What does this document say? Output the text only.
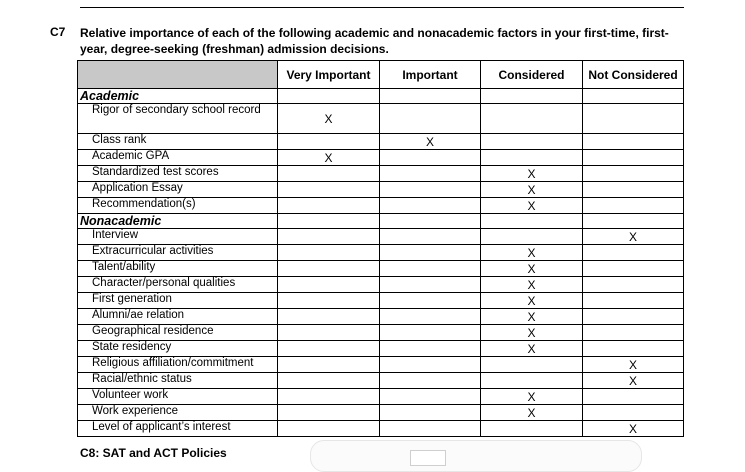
C7 Relative importance of each of the following academic and nonacademic factors in your first-time, first-year, degree-seeking (freshman) admission decisions.
	Very Important	Important	Considered	Not Considered
Academic				
Rigor of secondary school record	X			
Class rank		X		
Academic GPA	X			
Standardized test scores			X	
Application Essay			X	
Recommendation(s)			X	
Nonacademic				
Interview				X
Extracurricular activities			X	
Talent/ability			X	
Character/personal qualities			X	
First generation			X	
Alumni/ae relation			X	
Geographical residence			X	
State residency			X	
Religious affiliation/commitment				X
Racial/ethnic status				X
Volunteer work			X	
Work experience			X	
Level of applicant’s interest				X
C8: SAT and ACT Policies
